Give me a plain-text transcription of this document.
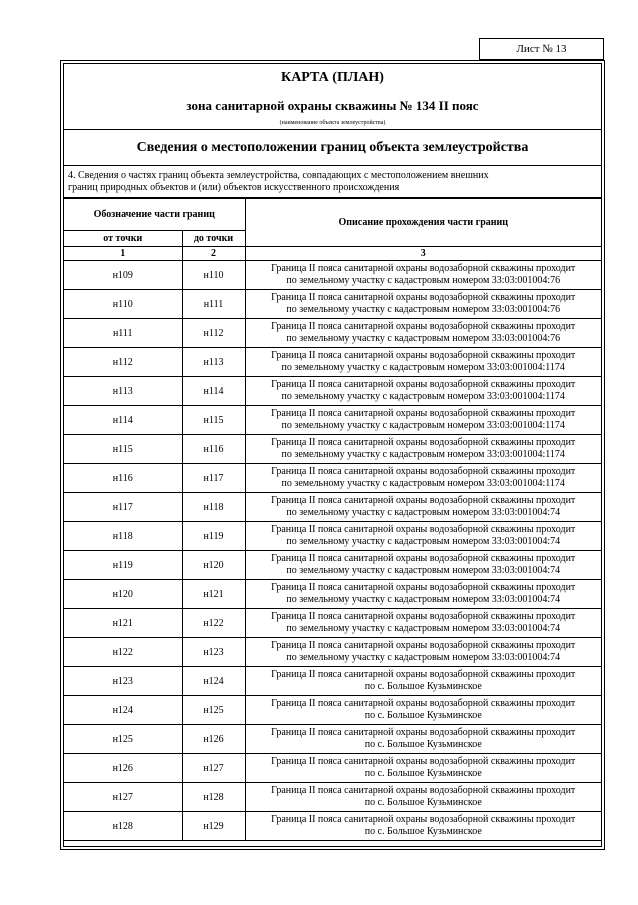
Лист № 13
КАРТА (ПЛАН)
зона санитарной охраны скважины № 134 II пояс
(наименование объекта землеустройства)
Сведения о местоположении границ объекта землеустройства
4. Сведения о частях границ объекта землеустройства, совпадающих с местоположением внешних
границ природных объектов и (или) объектов искусственного происхождения
Обозначение части границ		Описание прохождения части границ
от точки	до точки	
1	2	3
н109	н110	Граница II пояса санитарной охраны водозаборной скважины проходит
по земельному участку с кадастровым номером 33:03:001004:76

н110	н111	Граница II пояса санитарной охраны водозаборной скважины проходит
по земельному участку с кадастровым номером 33:03:001004:76

н111	н112	Граница II пояса санитарной охраны водозаборной скважины проходит
по земельному участку с кадастровым номером 33:03:001004:76

н112	н113	Граница II пояса санитарной охраны водозаборной скважины проходит
по земельному участку с кадастровым номером 33:03:001004:1174

н113	н114	Граница II пояса санитарной охраны водозаборной скважины проходит
по земельному участку с кадастровым номером 33:03:001004:1174

н114	н115	Граница II пояса санитарной охраны водозаборной скважины проходит
по земельному участку с кадастровым номером 33:03:001004:1174

н115	н116	Граница II пояса санитарной охраны водозаборной скважины проходит
по земельному участку с кадастровым номером 33:03:001004:1174

н116	н117	Граница II пояса санитарной охраны водозаборной скважины проходит
по земельному участку с кадастровым номером 33:03:001004:1174

н117	н118	Граница II пояса санитарной охраны водозаборной скважины проходит
по земельному участку с кадастровым номером 33:03:001004:74

н118	н119	Граница II пояса санитарной охраны водозаборной скважины проходит
по земельному участку с кадастровым номером 33:03:001004:74

н119	н120	Граница II пояса санитарной охраны водозаборной скважины проходит
по земельному участку с кадастровым номером 33:03:001004:74

н120	н121	Граница II пояса санитарной охраны водозаборной скважины проходит
по земельному участку с кадастровым номером 33:03:001004:74

н121	н122	Граница II пояса санитарной охраны водозаборной скважины проходит
по земельному участку с кадастровым номером 33:03:001004:74

н122	н123	Граница II пояса санитарной охраны водозаборной скважины проходит
по земельному участку с кадастровым номером 33:03:001004:74

н123	н124	Граница II пояса санитарной охраны водозаборной скважины проходит
по с. Большое Кузьминское

н124	н125	Граница II пояса санитарной охраны водозаборной скважины проходит
по с. Большое Кузьминское

н125	н126	Граница II пояса санитарной охраны водозаборной скважины проходит
по с. Большое Кузьминское

н126	н127	Граница II пояса санитарной охраны водозаборной скважины проходит
по с. Большое Кузьминское

н127	н128	Граница II пояса санитарной охраны водозаборной скважины проходит
по с. Большое Кузьминское

н128	н129	Граница II пояса санитарной охраны водозаборной скважины проходит
по с. Большое Кузьминское
